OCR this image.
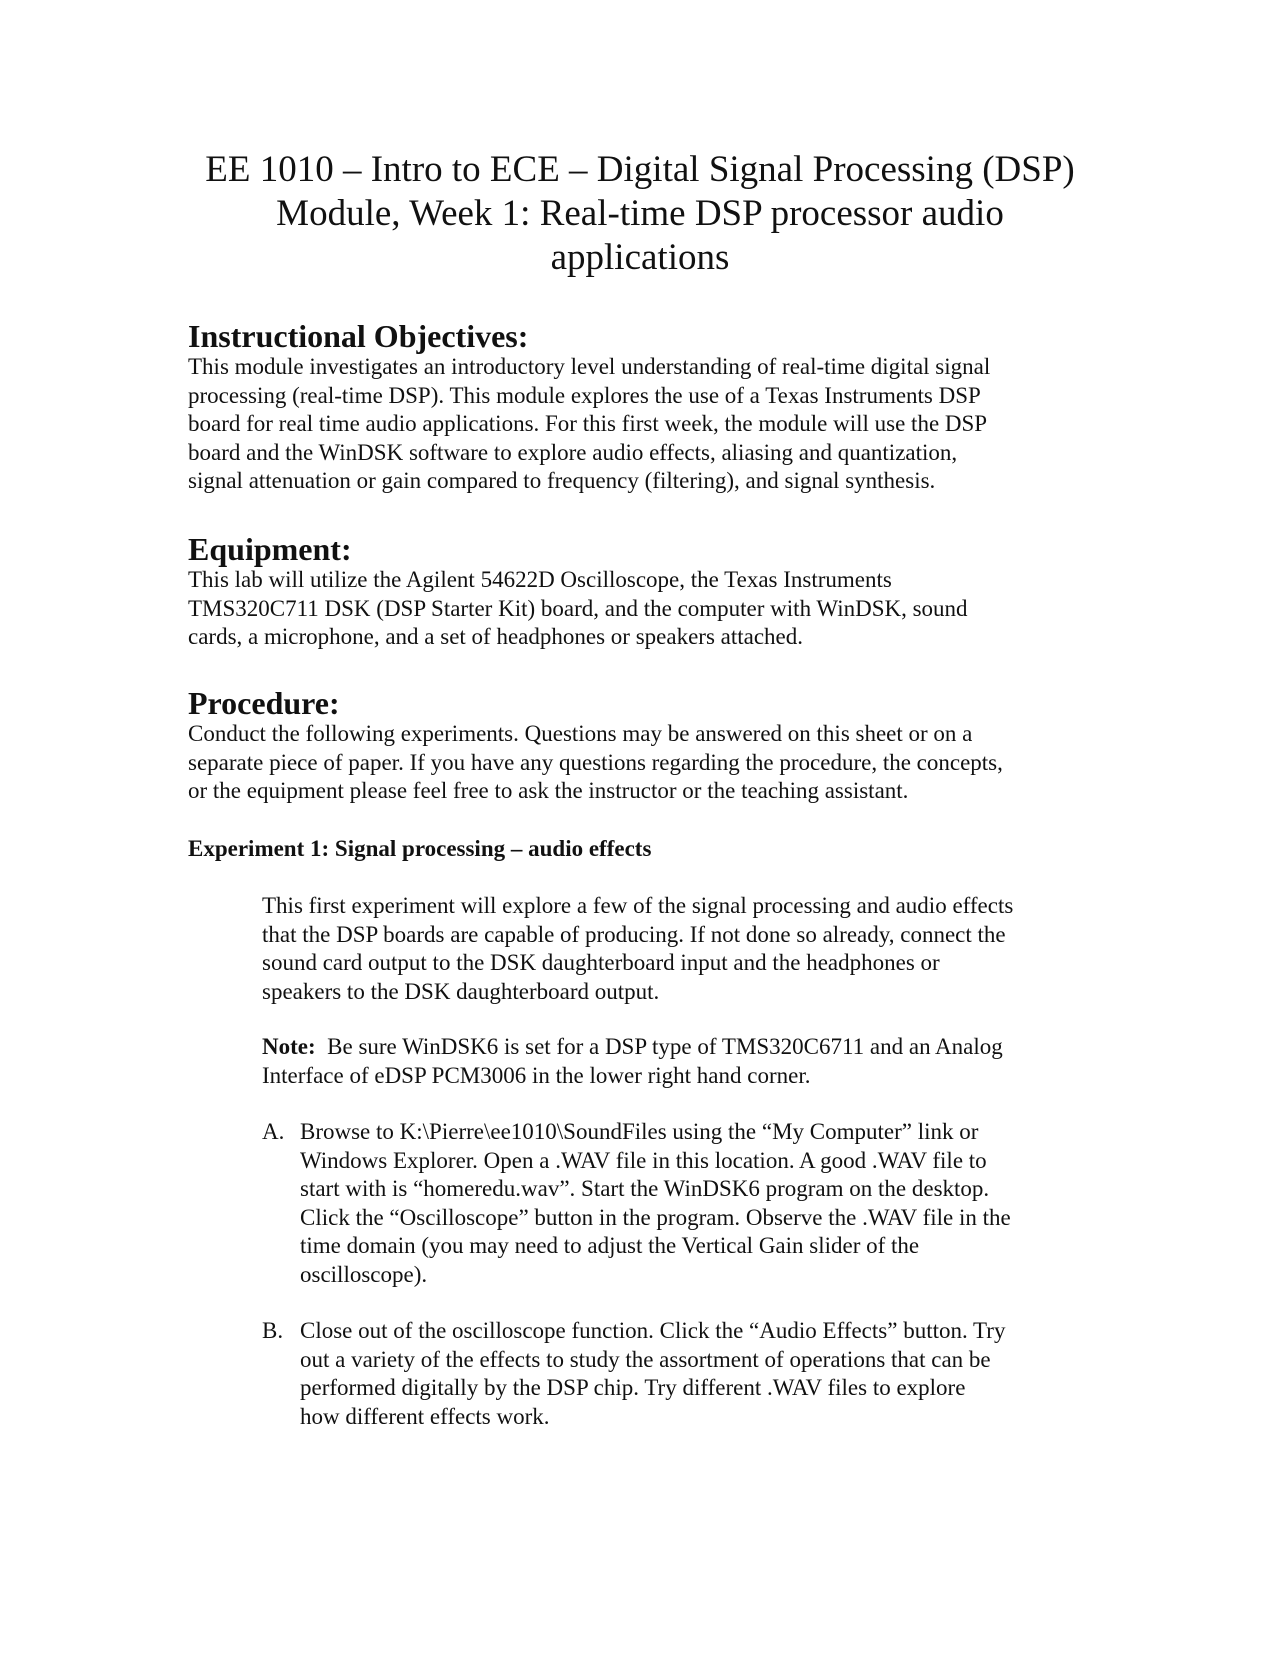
EE 1010 – Intro to ECE – Digital Signal Processing (DSP)
Module, Week 1: Real-time DSP processor audio
applications
Instructional Objectives:
This module investigates an introductory level understanding of real-time digital signal
processing (real-time DSP). This module explores the use of a Texas Instruments DSP
board for real time audio applications. For this first week, the module will use the DSP
board and the WinDSK software to explore audio effects, aliasing and quantization,
signal attenuation or gain compared to frequency (filtering), and signal synthesis.
Equipment:
This lab will utilize the Agilent 54622D Oscilloscope, the Texas Instruments
TMS320C711 DSK (DSP Starter Kit) board, and the computer with WinDSK, sound
cards, a microphone, and a set of headphones or speakers attached.
Procedure:
Conduct the following experiments. Questions may be answered on this sheet or on a
separate piece of paper. If you have any questions regarding the procedure, the concepts,
or the equipment please feel free to ask the instructor or the teaching assistant.
Experiment 1: Signal processing – audio effects
This first experiment will explore a few of the signal processing and audio effects
that the DSP boards are capable of producing. If not done so already, connect the
sound card output to the DSK daughterboard input and the headphones or
speakers to the DSK daughterboard output.
Note:  Be sure WinDSK6 is set for a DSP type of TMS320C6711 and an Analog
Interface of eDSP PCM3006 in the lower right hand corner.
A. Browse to K:\Pierre\ee1010\SoundFiles using the “My Computer” link or
Windows Explorer. Open a .WAV file in this location. A good .WAV file to
start with is “homeredu.wav”. Start the WinDSK6 program on the desktop.
Click the “Oscilloscope” button in the program. Observe the .WAV file in the
time domain (you may need to adjust the Vertical Gain slider of the
oscilloscope).
B. Close out of the oscilloscope function. Click the “Audio Effects” button. Try
out a variety of the effects to study the assortment of operations that can be
performed digitally by the DSP chip. Try different .WAV files to explore
how different effects work.
